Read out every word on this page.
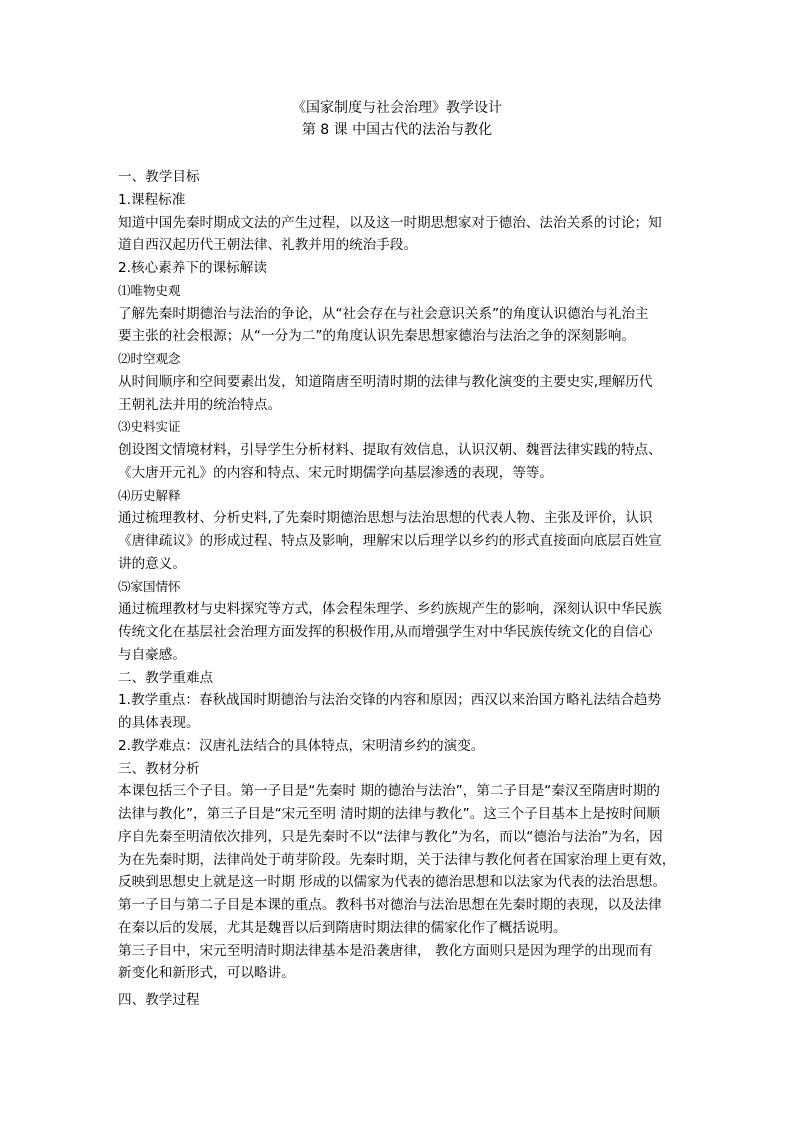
《国家制度与社会治理》教学设计
第 8 课 中国古代的法治与教化
一、教学目标
1.课程标准
知道中国先秦时期成文法的产生过程，以及这一时期思想家对于德治、法治关系的讨论；知
道自西汉起历代王朝法律、礼教并用的统治手段。
2.核心素养下的课标解读
⑴唯物史观
了解先秦时期德治与法治的争论，从“社会存在与社会意识关系”的角度认识德治与礼治主
要主张的社会根源；从“一分为二”的角度认识先秦思想家德治与法治之争的深刻影响。
⑵时空观念
从时间顺序和空间要素出发，知道隋唐至明清时期的法律与教化演变的主要史实,理解历代
王朝礼法并用的统治特点。
⑶史料实证
创设图文情境材料，引导学生分析材料、提取有效信息，认识汉朝、魏晋法律实践的特点、
《大唐开元礼》的内容和特点、宋元时期儒学向基层渗透的表现，等等。
⑷历史解释
通过梳理教材、分析史料,了先秦时期德治思想与法治思想的代表人物、主张及评价，认识
《唐律疏议》的形成过程、特点及影响，理解宋以后理学以乡约的形式直接面向底层百姓宣
讲的意义。
⑸家国情怀
通过梳理教材与史料探究等方式，体会程朱理学、乡约族规产生的影响，深刻认识中华民族
传统文化在基层社会治理方面发挥的积极作用,从而增强学生对中华民族传统文化的自信心
与自豪感。
二、教学重难点
1.教学重点：春秋战国时期德治与法治交锋的内容和原因；西汉以来治国方略礼法结合趋势
的具体表现。
2.教学难点：汉唐礼法结合的具体特点，宋明清乡约的演变。
三、教材分析
本课包括三个子目。第一子目是“先秦时 期的德治与法治”，第二子目是“秦汉至隋唐时期的
法律与教化”，第三子目是“宋元至明 清时期的法律与教化”。这三个子目基本上是按时间顺
序自先秦至明清依次排列，只是先秦时不以“法律与教化”为名，而以“德治与法治”为名，因
为在先秦时期，法律尚处于萌芽阶段。先秦时期，关于法律与教化何者在国家治理上更有效，
反映到思想史上就是这一时期 形成的以儒家为代表的德治思想和以法家为代表的法治思想。
第一子目与第二子目是本课的重点。教科书对德治与法治思想在先秦时期的表现，以及法律
在秦以后的发展，尤其是魏晋以后到隋唐时期法律的儒家化作了概括说明。
第三子目中，宋元至明清时期法律基本是沿袭唐律， 教化方面则只是因为理学的出现而有
新变化和新形式，可以略讲。
四、教学过程
